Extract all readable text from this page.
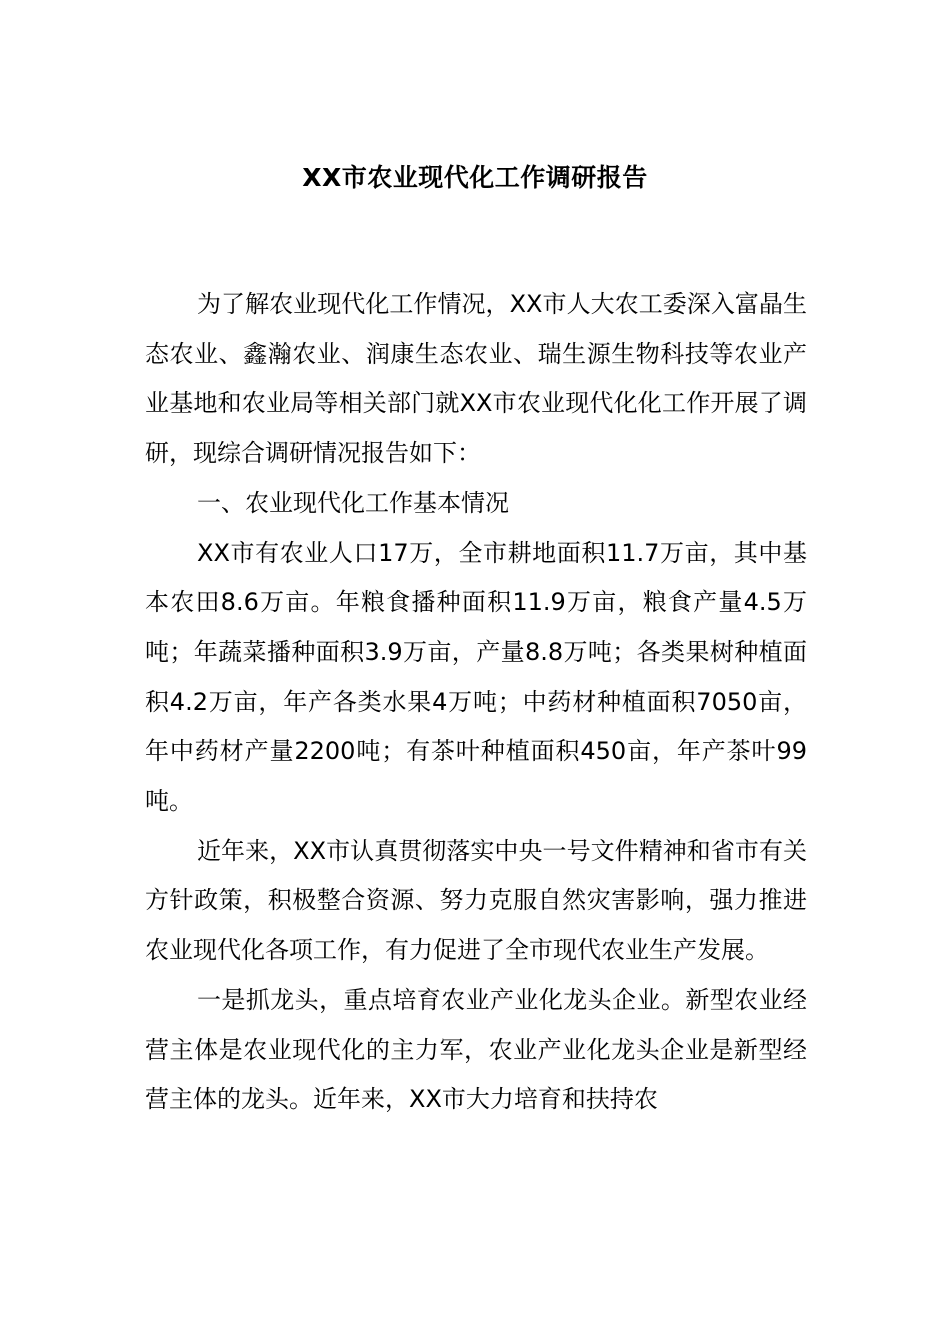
XX市农业现代化工作调研报告

为了解农业现代化工作情况，XX市人大农工委深入富晶生态农业、鑫瀚农业、润康生态农业、瑞生源生物科技等农业产业基地和农业局等相关部门就XX市农业现代化化工作开展了调研，现综合调研情况报告如下：

一、农业现代化工作基本情况

XX市有农业人口17万，全市耕地面积11.7万亩，其中基本农田8.6万亩。年粮食播种面积11.9万亩，粮食产量4.5万吨；年蔬菜播种面积3.9万亩，产量8.8万吨；各类果树种植面积4.2万亩，年产各类水果4万吨；中药材种植面积7050亩，年中药材产量2200吨；有茶叶种植面积450亩，年产茶叶99吨。

近年来，XX市认真贯彻落实中央一号文件精神和省市有关方针政策，积极整合资源、努力克服自然灾害影响，强力推进农业现代化各项工作，有力促进了全市现代农业生产发展。

一是抓龙头，重点培育农业产业化龙头企业。新型农业经营主体是农业现代化的主力军，农业产业化龙头企业是新型经营主体的龙头。近年来，XX市大力培育和扶持农
